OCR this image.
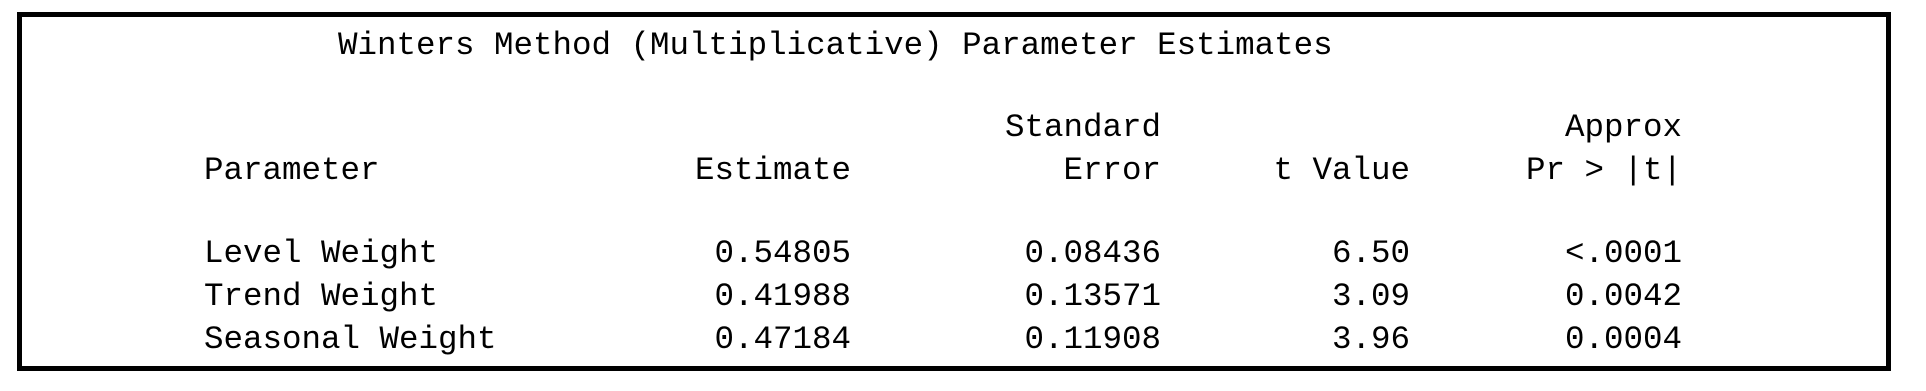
Winters Method (Multiplicative) Parameter Estimates
Standard	Approx
Parameter	Estimate	Error	t Value	Pr > |t|
Level Weight	0.54805	0.08436	6.50	<.0001
Trend Weight	0.41988	0.13571	3.09	0.0042
Seasonal Weight	0.47184	0.11908	3.96	0.0004
